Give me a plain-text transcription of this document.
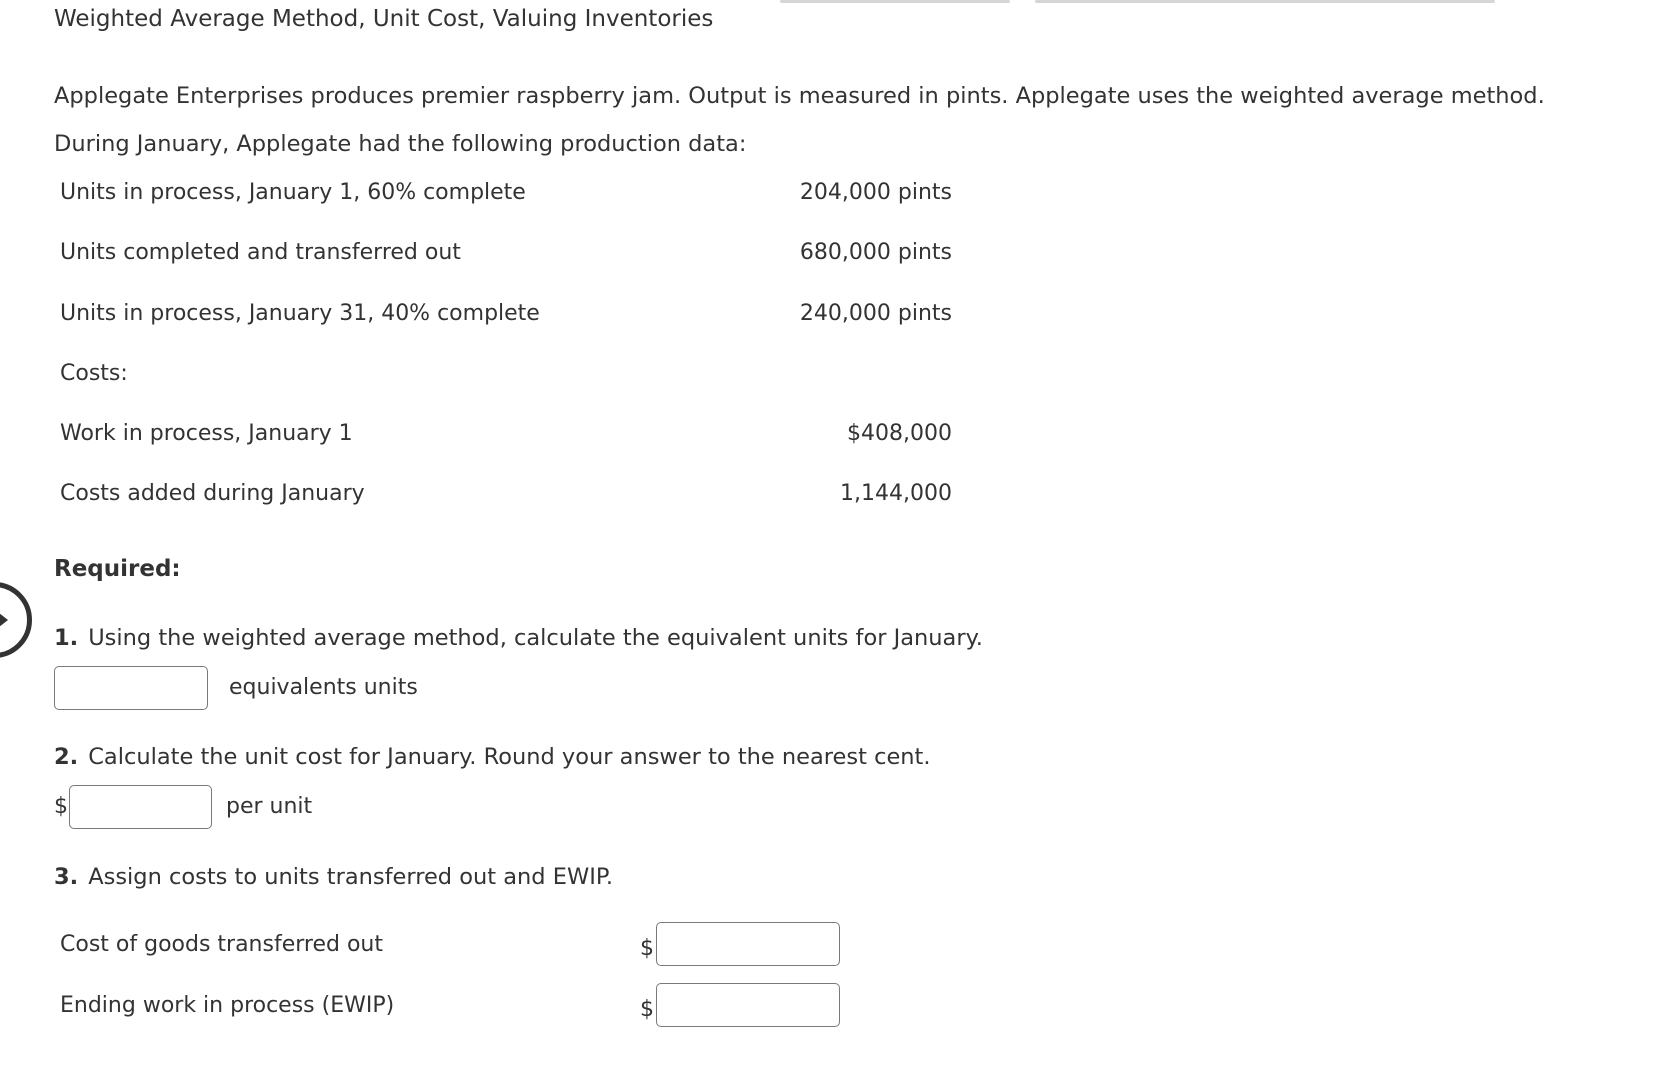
Weighted Average Method, Unit Cost, Valuing Inventories
Applegate Enterprises produces premier raspberry jam. Output is measured in pints. Applegate uses the weighted average method.
During January, Applegate had the following production data:
Units in process, January 1, 60% complete	204,000 pints
Units completed and transferred out	680,000 pints
Units in process, January 31, 40% complete	240,000 pints
Costs:
Work in process, January 1	$408,000
Costs added during January	1,144,000
Required:
1. Using the weighted average method, calculate the equivalent units for January.
equivalents units
2. Calculate the unit cost for January. Round your answer to the nearest cent.
$	per unit
3. Assign costs to units transferred out and EWIP.
Cost of goods transferred out	$
Ending work in process (EWIP)	$
